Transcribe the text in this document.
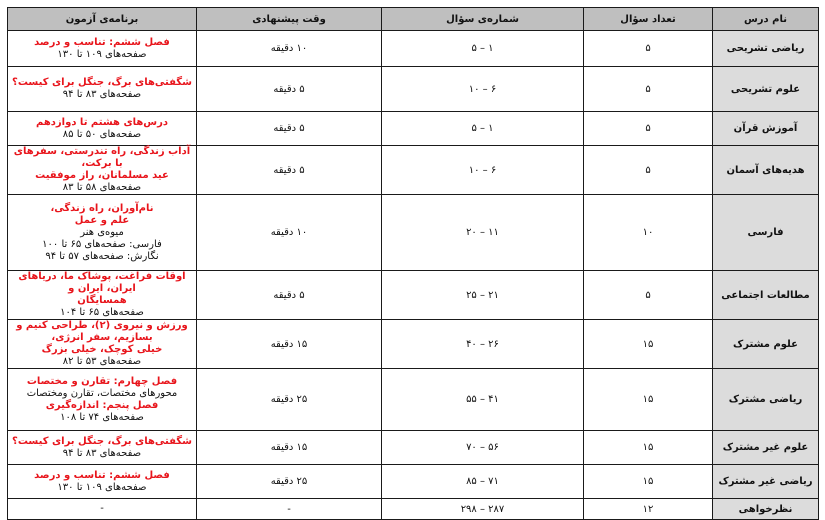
نام درس	تعداد سؤال	شماره‌ی سؤال	وقت پیشنهادی	برنامه‌ی آزمون
ریاضی تشریحی	۵	۱ – ۵	۱۰ دقیقه	فصل ششم: تناسب و درصد
صفحه‌های ۱۰۹ تا ۱۳۰

علوم تشریحی	۵	۶ – ۱۰	۵ دقیقه	شگفتی‌های برگ، جنگل برای کیست؟
صفحه‌های ۸۳ تا ۹۴

آموزش قرآن	۵	۱ – ۵	۵ دقیقه	درس‌های هشتم تا دوازدهم
صفحه‌های ۵۰ تا ۸۵

هدیه‌های آسمان	۵	۶ – ۱۰	۵ دقیقه	آداب زندگی، راه تندرستی، سفرهای با برکت،
عید مسلمانان، راز موفقیت
صفحه‌های ۵۸ تا ۸۳

فارسی	۱۰	۱۱ – ۲۰	۱۰ دقیقه	نام‌آوران، راه زندگی،
علم و عمل
میوه‌ی هنر
فارسی: صفحه‌های ۶۵ تا ۱۰۰
نگارش: صفحه‌های ۵۷ تا ۹۴

مطالعات اجتماعی	۵	۲۱ – ۲۵	۵ دقیقه	اوقات فراغت، پوشاک ما، دریاهای ایران، ایران و
همسایگان
صفحه‌های ۶۵ تا ۱۰۴

علوم مشترک	۱۵	۲۶ – ۴۰	۱۵ دقیقه	ورزش و نیروی (۲)، طراحی کنیم و بسازیم، سفر انرژی،
خیلی کوچک، خیلی بزرگ
صفحه‌های ۵۳ تا ۸۲

ریاضی مشترک	۱۵	۴۱ – ۵۵	۲۵ دقیقه	فصل چهارم: تقارن و مختصات
محورهای مختصات، تقارن ومختصات
فصل پنجم: اندازه‌گیری
صفحه‌های ۷۴ تا ۱۰۸

علوم غیر مشترک	۱۵	۵۶ – ۷۰	۱۵ دقیقه	شگفتی‌های برگ، جنگل برای کیست؟
صفحه‌های ۸۳ تا ۹۴

ریاضی غیر مشترک	۱۵	۷۱ – ۸۵	۲۵ دقیقه	فصل ششم: تناسب و درصد
صفحه‌های ۱۰۹ تا ۱۳۰

نظرخواهی	۱۲	۲۸۷ – ۲۹۸	-	-
